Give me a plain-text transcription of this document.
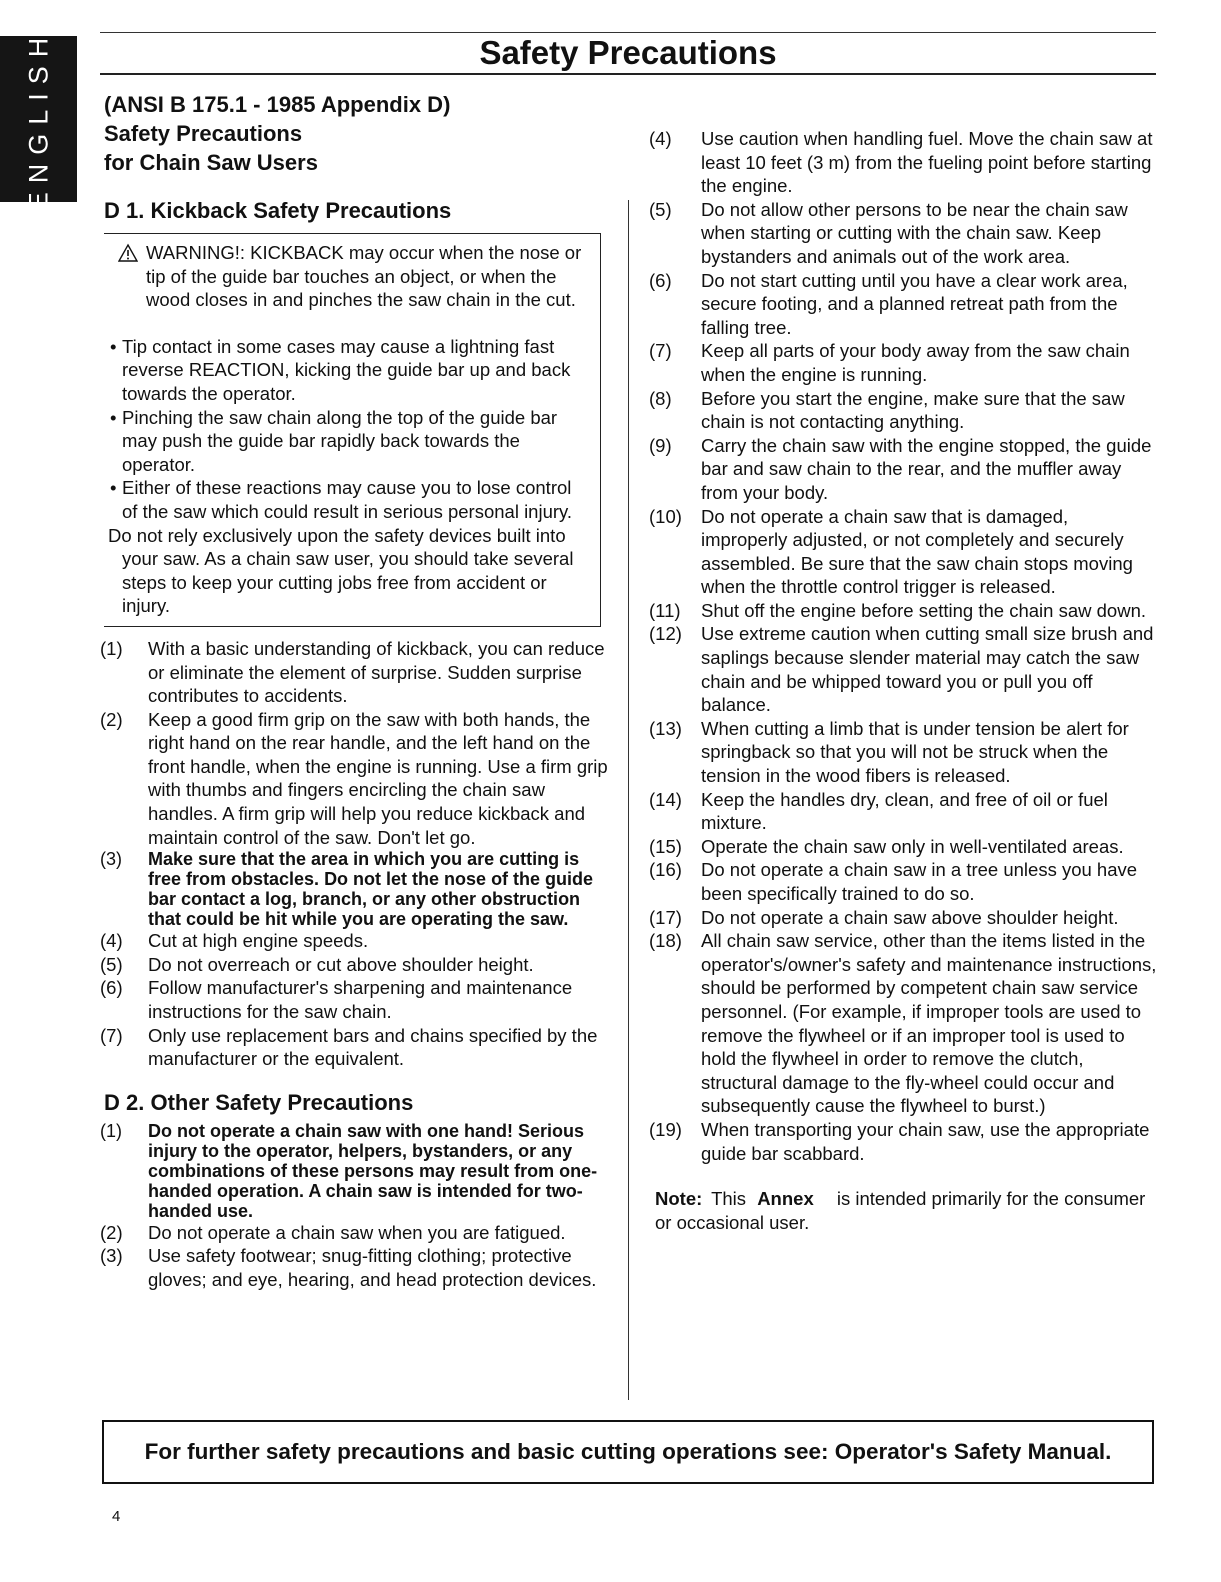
ENGLISH	Safety Precautions

(ANSI B 175.1 - 1985 Appendix D)

Safety Precautions

for Chain Saw Users

D 1. Kickback Safety Precautions
WARNING!: KICKBACK may occur when the nose or tip of the guide bar touches an object, or when the wood closes in and pinches the saw chain in the cut.
• Tip contact in some cases may cause a lightning fast reverse REACTION, kicking the guide bar up and back towards the operator.
• Pinching the saw chain along the top of the guide bar may push the guide bar rapidly back towards the operator.
• Either of these reactions may cause you to lose control of the saw which could result in serious personal injury.
Do not rely exclusively upon the safety devices built into your saw. As a chain saw user, you should take several steps to keep your cutting jobs free from accident or injury.
(1)	With a basic understanding of kickback, you can reduce or eliminate the element of surprise. Sudden surprise contributes to accidents.
(2)	Keep a good firm grip on the saw with both hands, the right hand on the rear handle, and the left hand on the front handle, when the engine is running. Use a firm grip with thumbs and fingers encircling the chain saw handles. A firm grip will help you reduce kickback and maintain control of the saw. Don't let go.
(3)	Make sure that the area in which you are cutting is free from obstacles. Do not let the nose of the guide bar contact a log, branch, or any other obstruction that could be hit while you are operating the saw.
(4)	Cut at high engine speeds.
(5)	Do not overreach or cut above shoulder height.
(6)	Follow manufacturer's sharpening and maintenance instructions for the saw chain.
(7)	Only use replacement bars and chains specified by the manufacturer or the equivalent.
D 2. Other Safety Precautions
(1)	Do not operate a chain saw with one hand! Serious injury to the operator, helpers, bystanders, or any combinations of these persons may result from one-handed operation. A chain saw is intended for two-handed use.
(2)	Do not operate a chain saw when you are fatigued.
(3)	Use safety footwear; snug-fitting clothing; protective gloves; and eye, hearing, and head protection devices.
(4)	Use caution when handling fuel. Move the chain saw at least 10 feet (3 m) from the fueling point before starting the engine.
(5)	Do not allow other persons to be near the chain saw when starting or cutting with the chain saw. Keep bystanders and animals out of the work area.
(6)	Do not start cutting until you have a clear work area, secure footing, and a planned retreat path from the falling tree.
(7)	Keep all parts of your body away from the saw chain when the engine is running.
(8)	Before you start the engine, make sure that the saw chain is not contacting anything.
(9)	Carry the chain saw with the engine stopped, the guide bar and saw chain to the rear, and the muffler away from your body.
(10)	Do not operate a chain saw that is damaged, improperly adjusted, or not completely and securely assembled. Be sure that the saw chain stops moving when the throttle control trigger is released.
(11)	Shut off the engine before setting the chain saw down.
(12)	Use extreme caution when cutting small size brush and saplings because slender material may catch the saw chain and be whipped toward you or pull you off balance.
(13)	When cutting a limb that is under tension be alert for springback so that you will not be struck when the tension in the wood fibers is released.
(14)	Keep the handles dry, clean, and free of oil or fuel mixture.
(15)	Operate the chain saw only in well-ventilated areas.
(16)	Do not operate a chain saw in a tree unless you have been specifically trained to do so.
(17)	Do not operate a chain saw above shoulder height.
(18)	All chain saw service, other than the items listed in the operator's/owner's safety and maintenance instructions, should be performed by competent chain saw service personnel. (For example, if improper tools are used to remove the flywheel or if an improper tool is used to hold the flywheel in order to remove the clutch, structural damage to the fly-wheel could occur and subsequently cause the flywheel to burst.)
(19)	When transporting your chain saw, use the appropriate guide bar scabbard.
Note: This Annex is intended primarily for the consumer or occasional user.
For further safety precautions and basic cutting operations see: Operator's Safety Manual.
4
